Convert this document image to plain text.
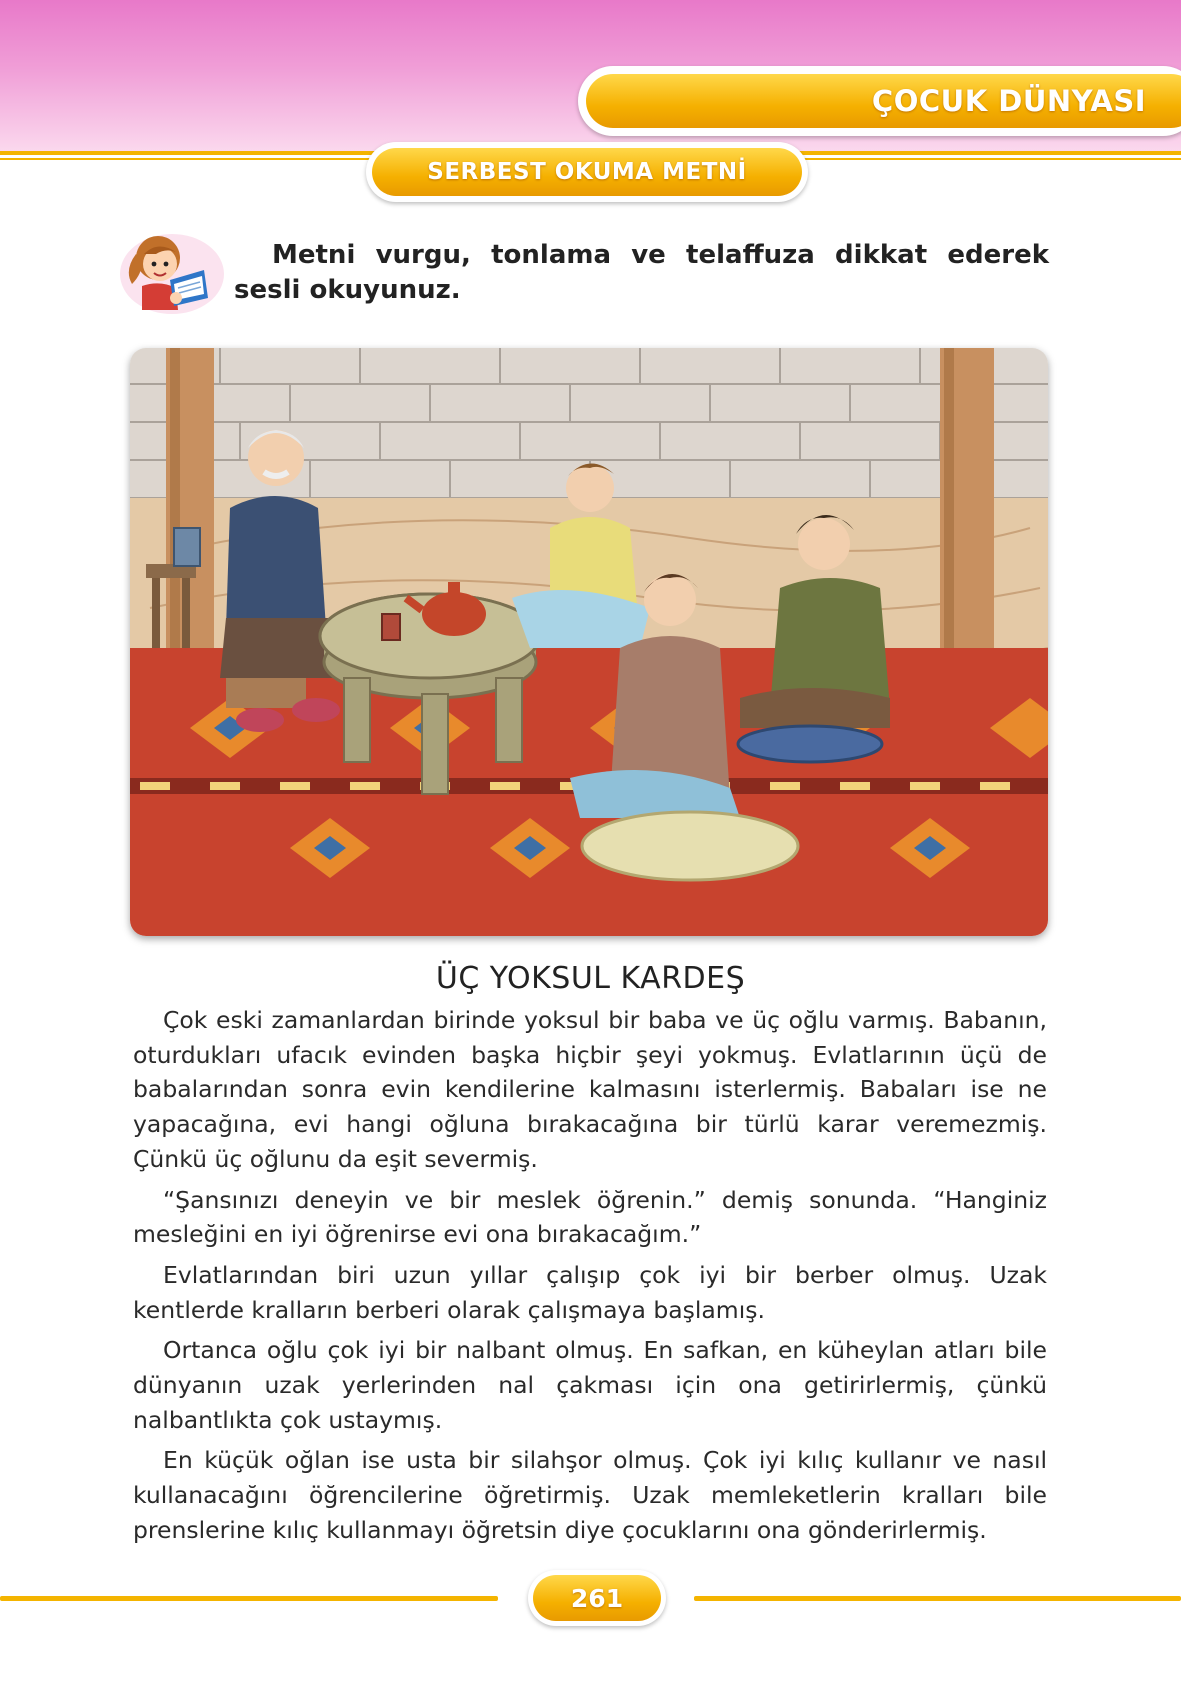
ÇOCUK DÜNYASI
SERBEST OKUMA METNİ
Metni vurgu, tonlama ve telaffuza dikkat ederek sesli okuyunuz.
ÜÇ YOKSUL KARDEŞ

Çok eski zamanlardan birinde yoksul bir baba ve üç oğlu varmış. Babanın, oturdukları ufacık evinden başka hiçbir şeyi yokmuş. Evlatlarının üçü de babalarından sonra evin kendilerine kalmasını isterlermiş. Babaları ise ne yapacağına, evi hangi oğluna bırakacağına bir türlü karar veremezmiş. Çünkü üç oğlunu da eşit severmiş.

“Şansınızı deneyin ve bir meslek öğrenin.” demiş sonunda. “Hanginiz mesleğini en iyi öğrenirse evi ona bırakacağım.”

Evlatlarından biri uzun yıllar çalışıp çok iyi bir berber olmuş. Uzak kentlerde kralların berberi olarak çalışmaya başlamış.

Ortanca oğlu çok iyi bir nalbant olmuş. En safkan, en küheylan atları bile dünyanın uzak yerlerinden nal çakması için ona getirirlermiş, çünkü nalbantlıkta çok ustaymış.

En küçük oğlan ise usta bir silahşor olmuş. Çok iyi kılıç kullanır ve nasıl kullanacağını öğrencilerine öğretirmiş. Uzak memleketlerin kralları bile prenslerine kılıç kullanmayı öğretsin diye çocuklarını ona gönderirlermiş.

261
